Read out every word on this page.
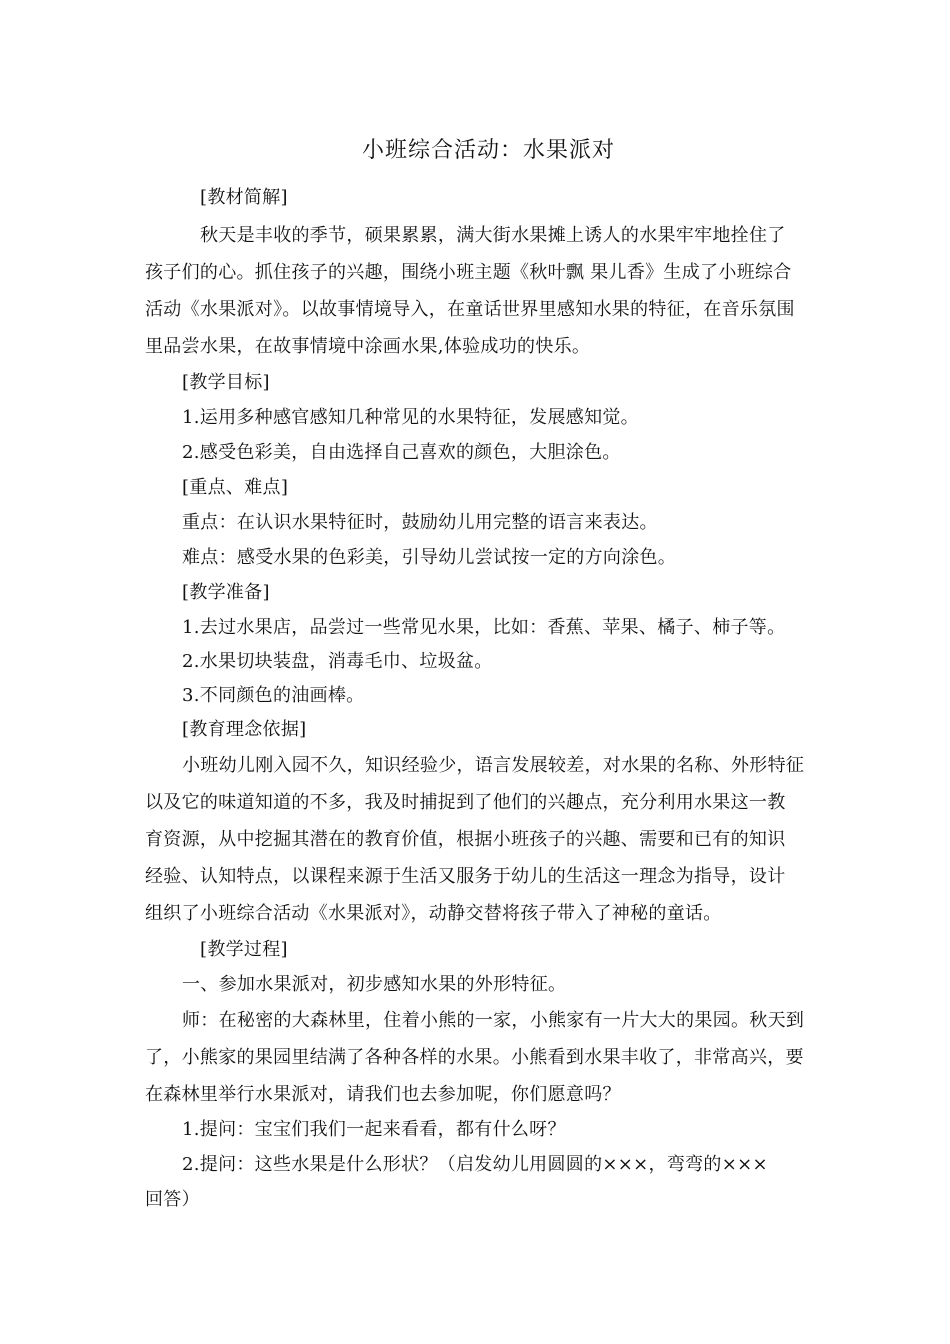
小班综合活动：水果派对
[教材简解]
秋天是丰收的季节，硕果累累，满大街水果摊上诱人的水果牢牢地拴住了
孩子们的心。抓住孩子的兴趣，围绕小班主题《秋叶飘 果儿香》生成了小班综合
活动《水果派对》。以故事情境导入，在童话世界里感知水果的特征，在音乐氛围
里品尝水果，在故事情境中涂画水果,体验成功的快乐。
[教学目标]
1.运用多种感官感知几种常见的水果特征，发展感知觉。
2.感受色彩美，自由选择自己喜欢的颜色，大胆涂色。
[重点、难点]
重点：在认识水果特征时，鼓励幼儿用完整的语言来表达。
难点：感受水果的色彩美，引导幼儿尝试按一定的方向涂色。
[教学准备]
1.去过水果店，品尝过一些常见水果，比如：香蕉、苹果、橘子、柿子等。
2.水果切块装盘，消毒毛巾、垃圾盆。
3.不同颜色的油画棒。
[教育理念依据]
小班幼儿刚入园不久，知识经验少，语言发展较差，对水果的名称、外形特征
以及它的味道知道的不多，我及时捕捉到了他们的兴趣点，充分利用水果这一教
育资源，从中挖掘其潜在的教育价值，根据小班孩子的兴趣、需要和已有的知识
经验、认知特点，以课程来源于生活又服务于幼儿的生活这一理念为指导，设计
组织了小班综合活动《水果派对》，动静交替将孩子带入了神秘的童话。
[教学过程]
一、参加水果派对，初步感知水果的外形特征。
师：在秘密的大森林里，住着小熊的一家，小熊家有一片大大的果园。秋天到
了，小熊家的果园里结满了各种各样的水果。小熊看到水果丰收了，非常高兴，要
在森林里举行水果派对，请我们也去参加呢，你们愿意吗？
1.提问：宝宝们我们一起来看看，都有什么呀？
2.提问：这些水果是什么形状？（启发幼儿用圆圆的×××，弯弯的×××
回答）
